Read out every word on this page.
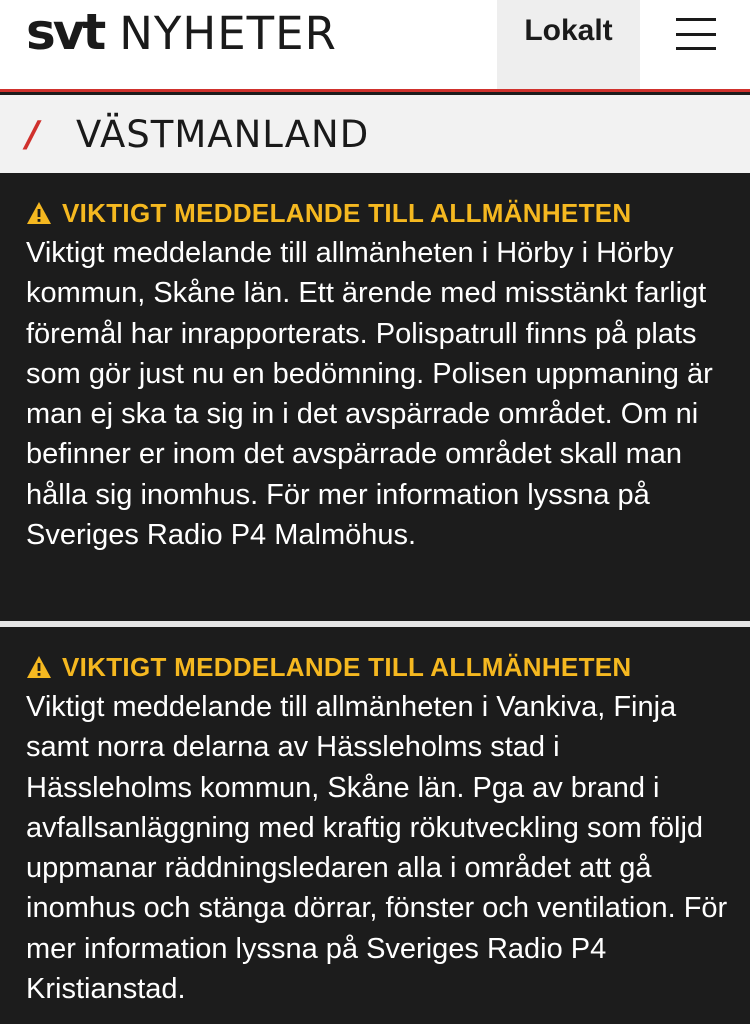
svt NYHETER	Lokalt
/ VÄSTMANLAND
VIKTIGT MEDDELANDE TILL ALLMÄNHETEN

Viktigt meddelande till allmänheten i Hörby i Hörby kommun, Skåne län. Ett ärende med misstänkt farligt föremål har inrapporterats. Polispatrull finns på plats som gör just nu en bedömning. Polisen uppmaning är man ej ska ta sig in i det avspärrade området. Om ni befinner er inom det avspärrade området skall man hålla sig inomhus. För mer information lyssna på Sveriges Radio P4 Malmöhus.

VIKTIGT MEDDELANDE TILL ALLMÄNHETEN

Viktigt meddelande till allmänheten i Vankiva, Finja samt norra delarna av Hässleholms stad i Hässleholms kommun, Skåne län. Pga av brand i avfallsanläggning med kraftig rökutveckling som följd uppmanar räddningsledaren alla i området att gå inomhus och stänga dörrar, fönster och ventilation. För mer information lyssna på Sveriges Radio P4 Kristianstad.
